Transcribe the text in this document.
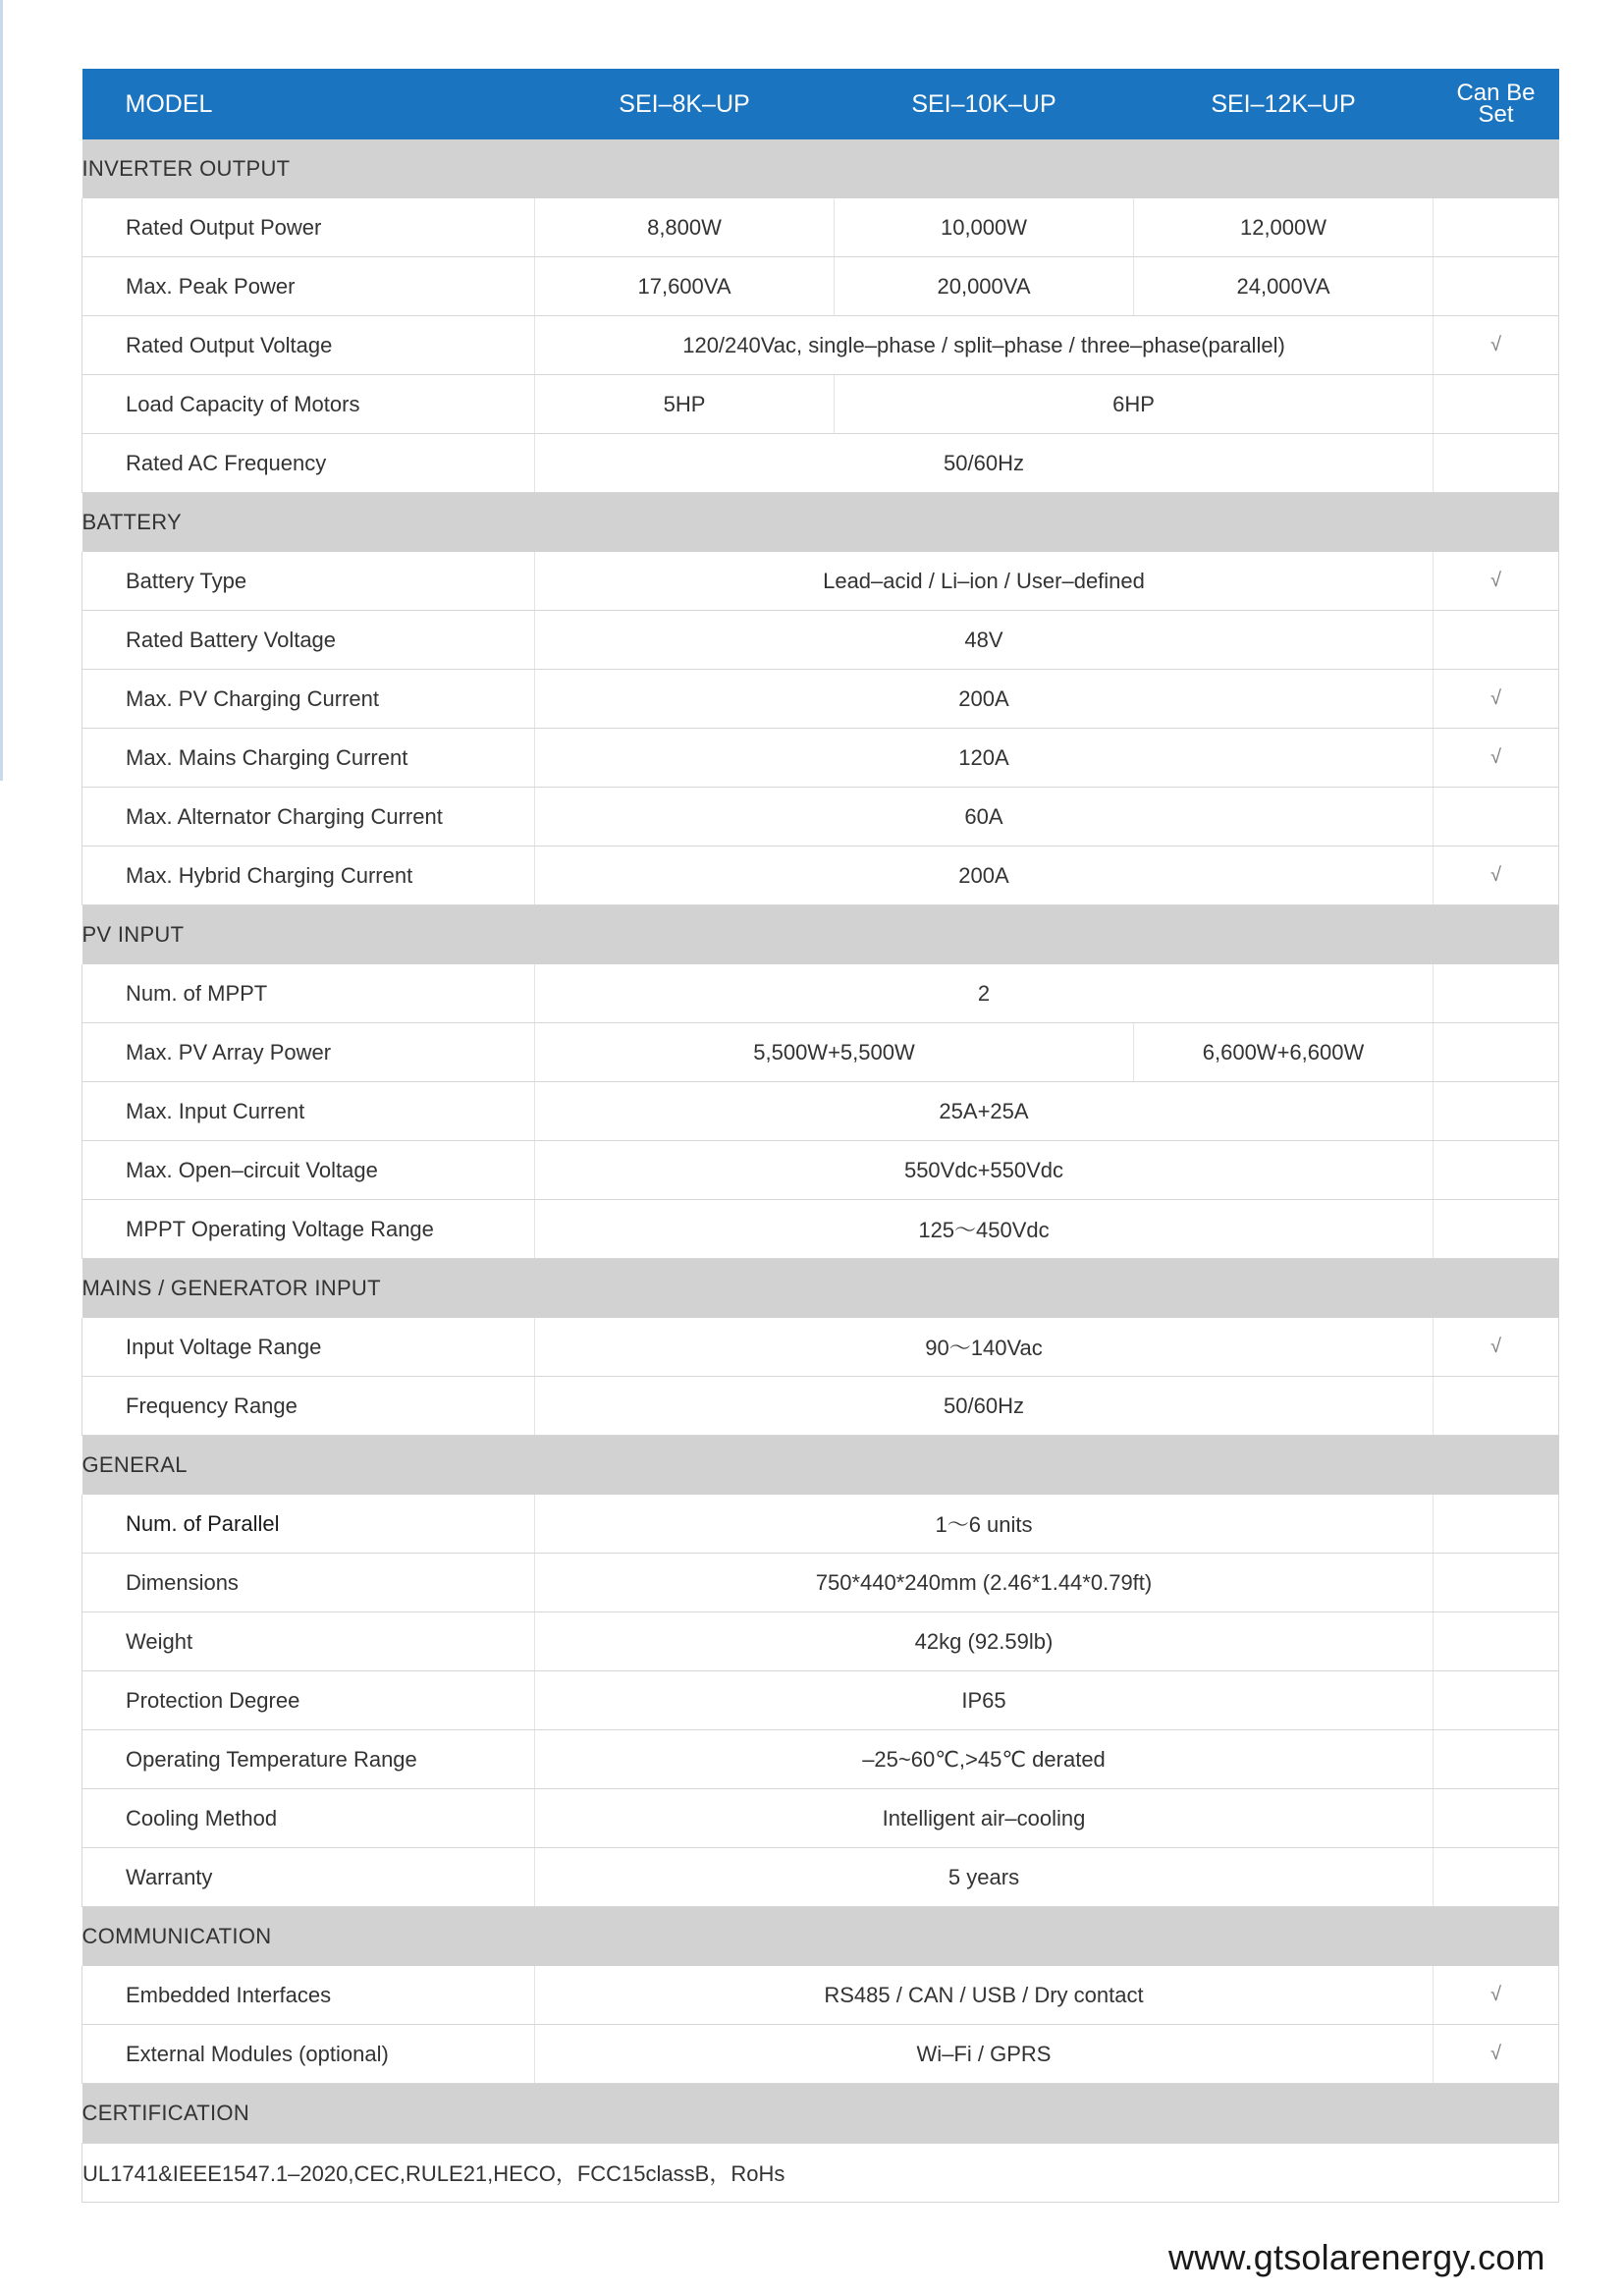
MODEL	SEI–8K–UP	SEI–10K–UP	SEI–12K–UP	Can Be
Set
INVERTER OUTPUT				
Rated Output Power	8,800W	10,000W	12,000W	
Max. Peak Power	17,600VA	20,000VA	24,000VA	
Rated Output Voltage	120/240Vac, single–phase / split–phase / three–phase(parallel)			√
Load Capacity of Motors	5HP	6HP		
Rated AC Frequency	50/60Hz			
BATTERY				
Battery Type	Lead–acid / Li–ion / User–defined			√
Rated Battery Voltage	48V			
Max. PV Charging Current	200A			√
Max. Mains Charging Current	120A			√
Max. Alternator Charging Current	60A			
Max. Hybrid Charging Current	200A			√
PV INPUT				
Num. of MPPT	2			
Max. PV Array Power	5,500W+5,500W		6,600W+6,600W	
Max. Input Current	25A+25A			
Max. Open–circuit Voltage	550Vdc+550Vdc			
MPPT Operating Voltage Range	125～450Vdc			
MAINS / GENERATOR INPUT				
Input Voltage Range	90～140Vac			√
Frequency Range	50/60Hz			
GENERAL				
Num. of Parallel	1～6 units			
Dimensions	750*440*240mm (2.46*1.44*0.79ft)			
Weight	42kg (92.59lb)			
Protection Degree	IP65			
Operating Temperature Range	–25~60℃,>45℃ derated			
Cooling Method	Intelligent air–cooling			
Warranty	5 years			
COMMUNICATION				
Embedded Interfaces	RS485 / CAN / USB / Dry contact			√
External Modules (optional)	Wi–Fi / GPRS			√
CERTIFICATION				
UL1741&IEEE1547.1–2020,CEC,RULE21,HECO，FCC15classB，RoHs				
www.gtsolarenergy.com
